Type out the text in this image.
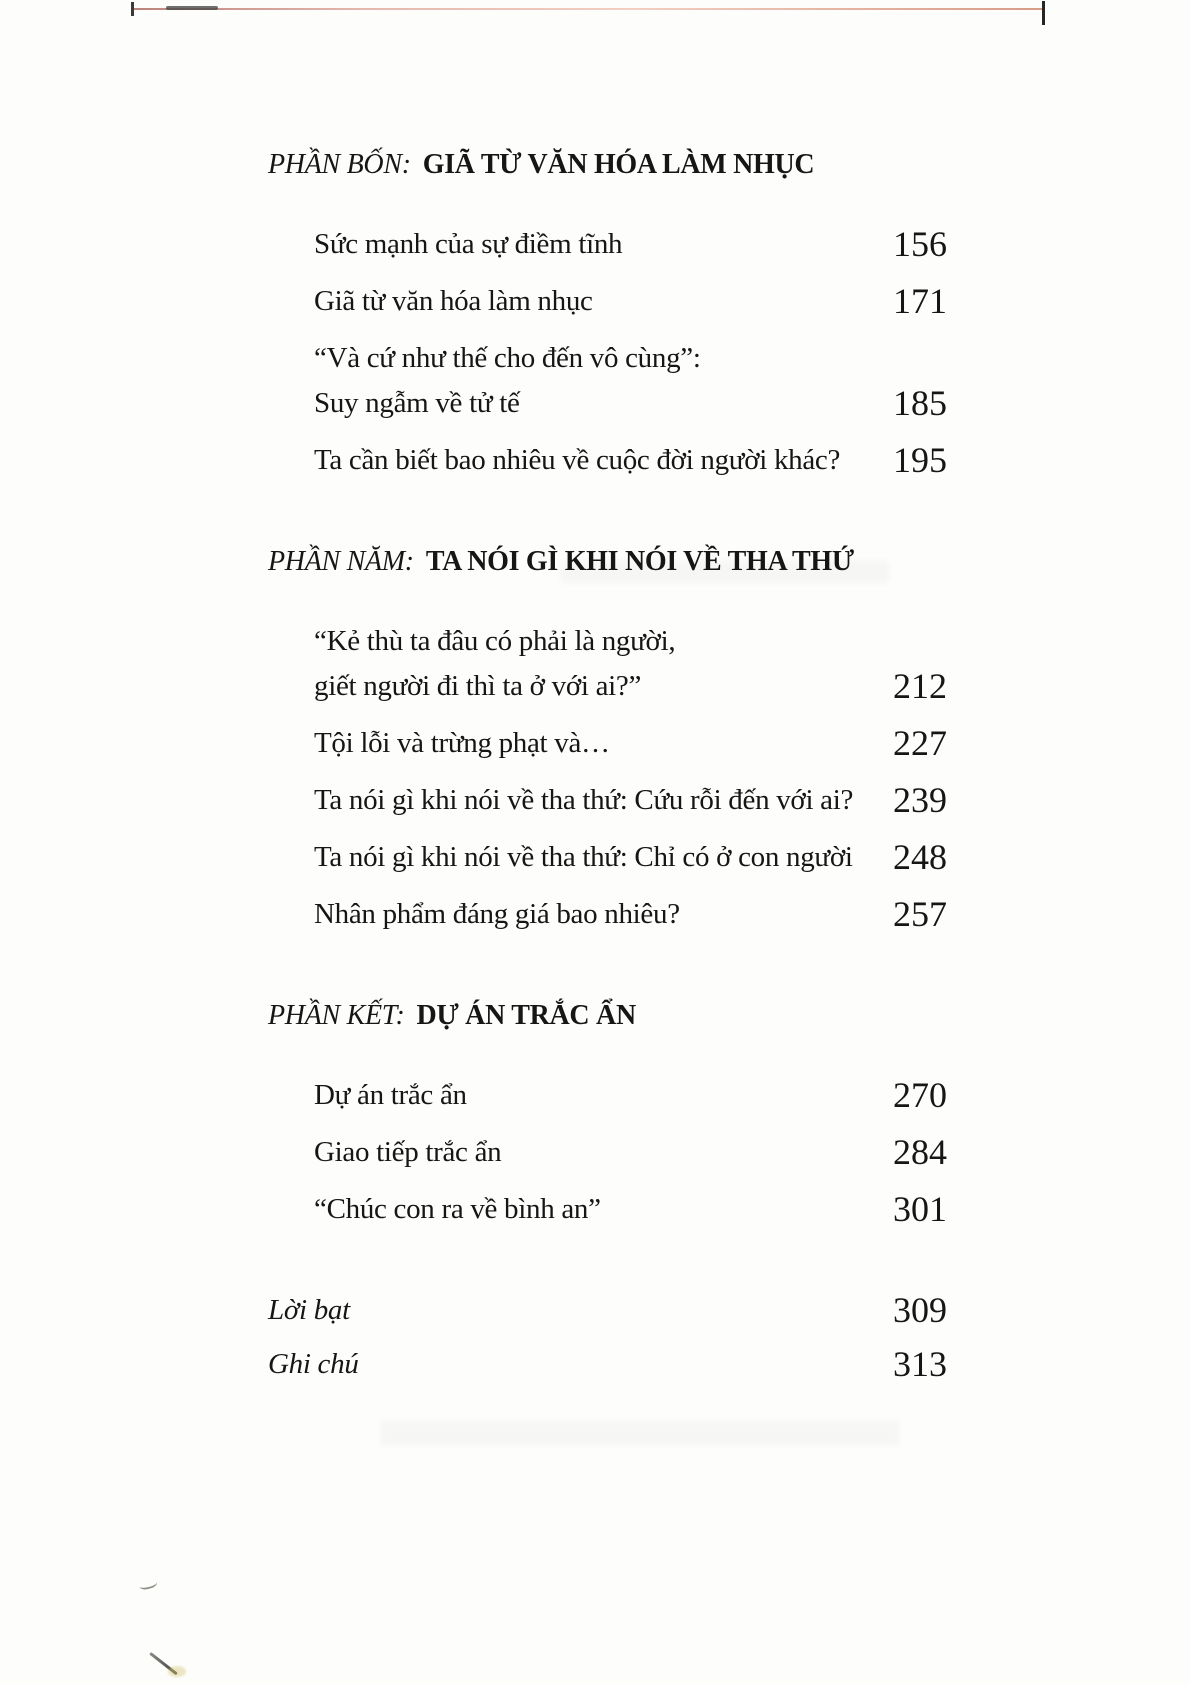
PHẦN BỐN: GIÃ TỪ VĂN HÓA LÀM NHỤC
Sức mạnh của sự điềm tĩnh	156
Giã từ văn hóa làm nhục	171
“Và cứ như thế cho đến vô cùng”:
Suy ngẫm về tử tế	185
Ta cần biết bao nhiêu về cuộc đời người khác?	195
PHẦN NĂM: TA NÓI GÌ KHI NÓI VỀ THA THỨ
“Kẻ thù ta đâu có phải là người,
giết người đi thì ta ở với ai?”	212
Tội lỗi và trừng phạt và…	227
Ta nói gì khi nói về tha thứ: Cứu rỗi đến với ai?	239
Ta nói gì khi nói về tha thứ: Chỉ có ở con người	248
Nhân phẩm đáng giá bao nhiêu?	257
PHẦN KẾT: DỰ ÁN TRẮC ẨN
Dự án trắc ẩn	270
Giao tiếp trắc ẩn	284
“Chúc con ra về bình an”	301
Lời bạt	309
Ghi chú	313
